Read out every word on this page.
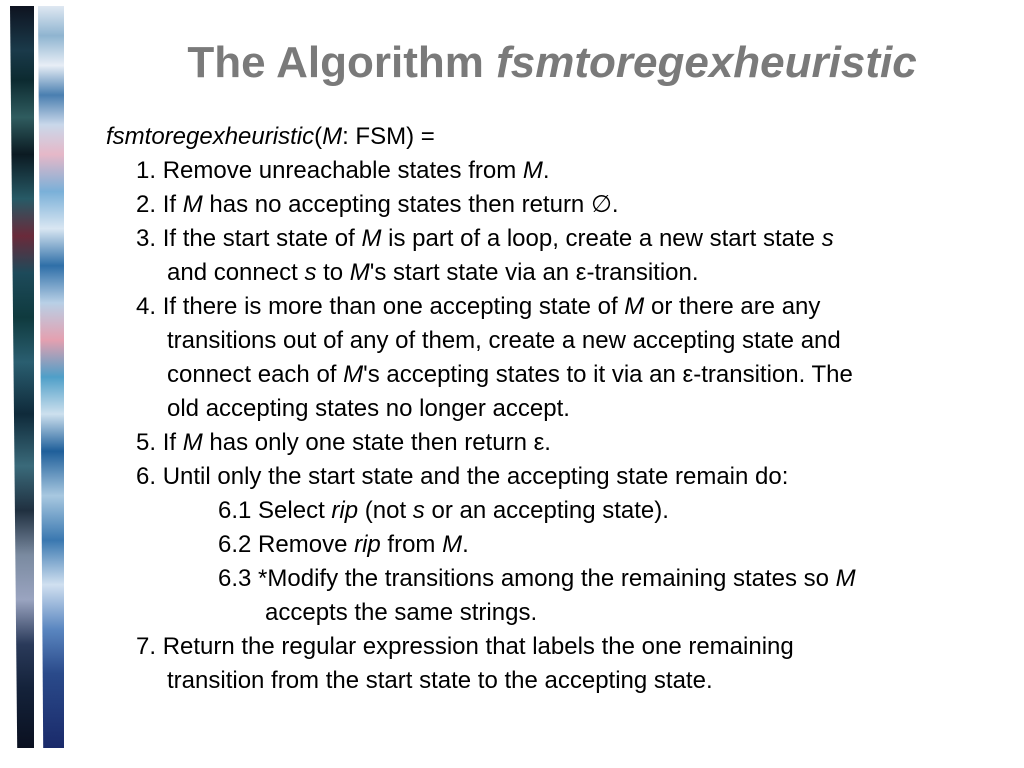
The Algorithm fsmtoregexheuristic
fsmtoregexheuristic(M: FSM) =
1. Remove unreachable states from M.
2. If M has no accepting states then return ∅.
3. If the start state of M is part of a loop, create a new start state s
and connect s to M's start state via an ε-transition.
4. If there is more than one accepting state of M or there are any
transitions out of any of them, create a new accepting state and
connect each of M's accepting states to it via an ε-transition. The
old accepting states no longer accept.
5. If M has only one state then return ε.
6. Until only the start state and the accepting state remain do:
6.1 Select rip (not s or an accepting state).
6.2 Remove rip from M.
6.3 *Modify the transitions among the remaining states so M
accepts the same strings.
7. Return the regular expression that labels the one remaining
transition from the start state to the accepting state.
